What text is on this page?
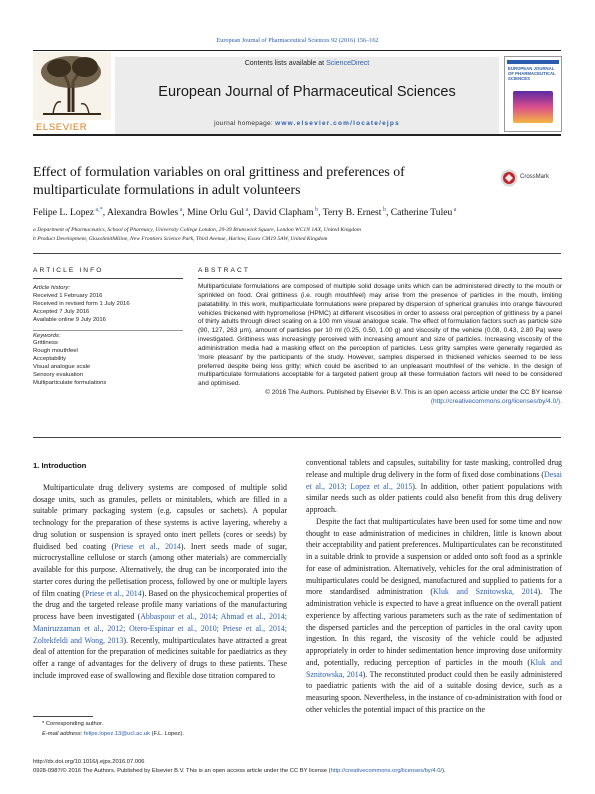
European Journal of Pharmaceutical Sciences 92 (2016) 156–162
ELSEVIER
Contents lists available at ScienceDirect
European Journal of Pharmaceutical Sciences
journal homepage: www.elsevier.com/locate/ejps
EUROPEAN JOURNAL OF PHARMACEUTICAL SCIENCES
Effect of formulation variables on oral grittiness and preferences of multiparticulate formulations in adult volunteers
CrossMark
Felipe L. Lopez $^{a,*}$, Alexandra Bowles $^a$, Mine Orlu Gul $^a$, David Clapham $^b$, Terry B. Ernest $^b$, Catherine Tuleu $^a$
a Department of Pharmaceutics, School of Pharmacy, University College London, 29-39 Brunswick Square, London WC1N 1AX, United Kingdom
b Product Development, GlaxoSmithKline, New Frontiers Science Park, Third Avenue, Harlow, Essex CM19 5AW, United Kingdom
ARTICLE INFO	ABSTRACT
Article history:
Received 1 February 2016
Received in revised form 1 July 2016
Accepted 7 July 2016
Available online 9 July 2016
Keywords:
Grittiness
Rough mouthfeel
Acceptability
Visual analogue scale
Sensory evaluation
Multiparticulate formulations

Multiparticulate formulations are composed of multiple solid dosage units which can be administered directly to the mouth or sprinkled on food. Oral grittiness (i.e. rough mouthfeel) may arise from the presence of particles in the mouth, limiting palatability. In this work, multiparticulate formulations were prepared by dispersion of spherical granules into orange flavoured vehicles thickened with hypromellose (HPMC) at different viscosities in order to assess oral perception of grittiness by a panel of thirty adults through direct scaling on a 100 mm visual analogue scale. The effect of formulation factors such as particle size (90, 127, 263 μm), amount of particles per 10 ml (0.25, 0.50, 1.00 g) and viscosity of the vehicle (0.08, 0.43, 2.80 Pa) were investigated. Grittiness was increasingly perceived with increasing amount and size of particles. Increasing viscosity of the administration media had a masking effect on the perception of particles. Less gritty samples were generally regarded as 'more pleasant' by the participants of the study. However, samples dispersed in thickened vehicles seemed to be less preferred despite being less gritty; which could be ascribed to an unpleasant mouthfeel of the vehicle. In the design of multiparticulate formulations acceptable for a targeted patient group all these formulation factors will need to be considered and optimised.

© 2016 The Authors. Published by Elsevier B.V. This is an open access article under the CC BY license
(http://creativecommons.org/licenses/by/4.0/).

1. Introduction

Multiparticulate drug delivery systems are composed of multiple solid dosage units, such as granules, pellets or minitablets, which are filled in a suitable primary packaging system (e.g. capsules or sachets). A popular technology for the preparation of these systems is active layering, whereby a drug solution or suspension is sprayed onto inert pellets (cores or seeds) by fluidised bed coating (Priese et al., 2014). Inert seeds made of sugar, microcrystalline cellulose or starch (among other materials) are commercially available for this purpose. Alternatively, the drug can be incorporated into the starter cores during the pelletisation process, followed by one or multiple layers of film coating (Priese et al., 2014). Based on the physicochemical properties of the drug and the targeted release profile many variations of the manufacturing process have been investigated (Abbaspour et al., 2014; Ahmad et al., 2014; Maniruzzaman et al., 2012; Otero-Espinar et al., 2010; Priese et al., 2014; Zoltekfeldi and Wong, 2013). Recently, multiparticulates have attracted a great deal of attention for the preparation of medicines suitable for paediatrics as they offer a range of advantages for the delivery of drugs to these patients. These include improved ease of swallowing and flexible dose titration compared to

conventional tablets and capsules, suitability for taste masking, controlled drug release and multiple drug delivery in the form of fixed dose combinations (Desai et al., 2013; Lopez et al., 2015). In addition, other patient populations with similar needs such as older patients could also benefit from this drug delivery approach.

Despite the fact that multiparticulates have been used for some time and now thought to ease administration of medicines in children, little is known about their acceptability and patient preferences. Multiparticulates can be reconstituted in a suitable drink to provide a suspension or added onto soft food as a sprinkle for ease of administration. Alternatively, vehicles for the oral administration of multiparticulates could be designed, manufactured and supplied to patients for a more standardised administration (Kluk and Sznitowska, 2014). The administration vehicle is expected to have a great influence on the overall patient experience by affecting various parameters such as the rate of sedimentation of the dispersed particles and the perception of particles in the oral cavity upon ingestion. In this regard, the viscosity of the vehicle could be adjusted appropriately in order to hinder sedimentation hence improving dose uniformity and, potentially, reducing perception of particles in the mouth (Kluk and Sznitowska, 2014). The reconstituted product could then be easily administered to paediatric patients with the aid of a suitable dosing device, such as a measuring spoon. Nevertheless, in the instance of co-administration with food or other vehicles the potential impact of this practice on the

* Corresponding author.
E-mail address: felipe.lopez.13@ucl.ac.uk (F.L. Lopez).
http://dx.doi.org/10.1016/j.ejps.2016.07.006
0928-0987/© 2016 The Authors. Published by Elsevier B.V. This is an open access article under the CC BY license (http://creativecommons.org/licenses/by/4.0/).
